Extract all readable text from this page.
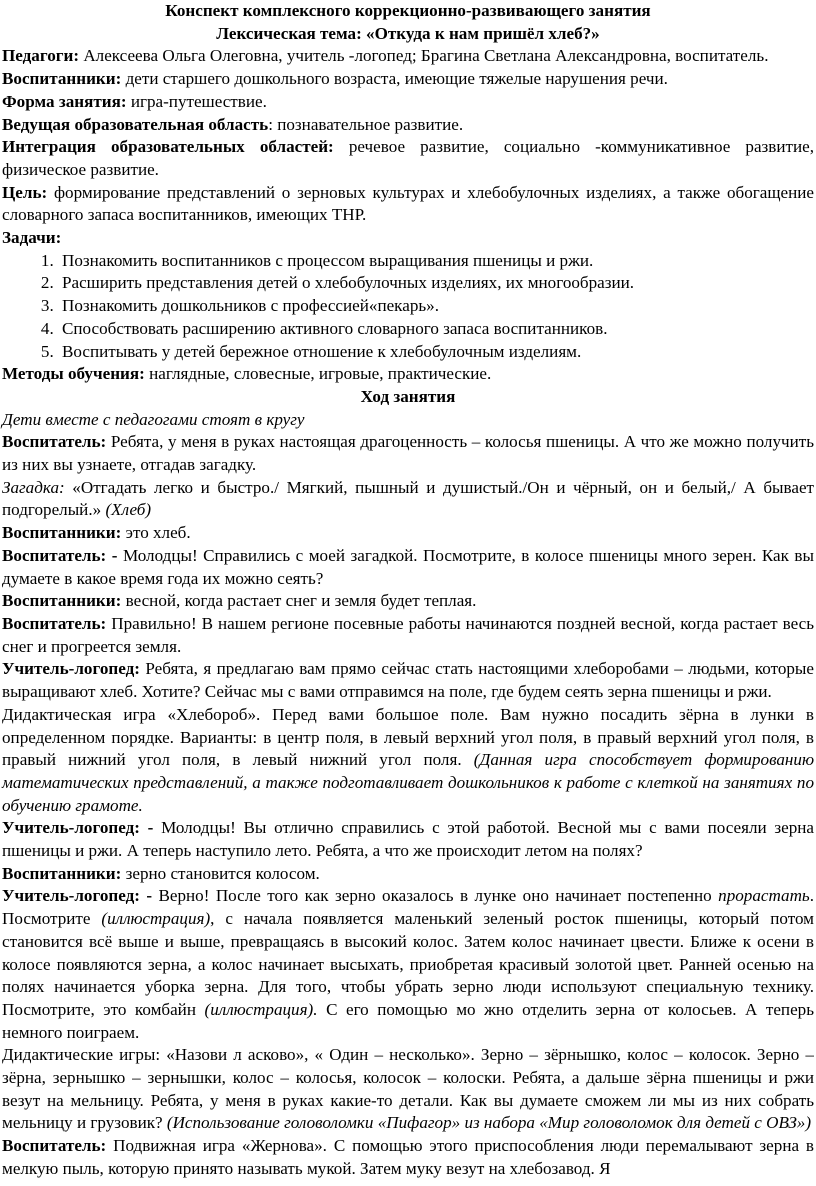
Конспект комплексного коррекционно-развивающего занятия

Лексическая тема: «Откуда к нам пришёл хлеб?»

Педагоги: Алексеева Ольга Олеговна, учитель -логопед; Брагина Светлана Александровна, воспитатель.

Воспитанники: дети старшего дошкольного возраста, имеющие тяжелые нарушения речи.

Форма занятия: игра-путешествие.

Ведущая образовательная область: познавательное развитие.

Интеграция образовательных областей: речевое развитие, социально -коммуникативное развитие, физическое развитие.

Цель: формирование представлений о зерновых культурах и хлебобулочных изделиях, а также обогащение словарного запаса воспитанников, имеющих ТНР.

Задачи:

1. Познакомить воспитанников с процессом выращивания пшеницы и ржи.
2. Расширить представления детей о хлебобулочных изделиях, их многообразии.
3. Познакомить дошкольников с профессией«пекарь».
4. Способствовать расширению активного словарного запаса воспитанников.
5. Воспитывать у детей бережное отношение к хлебобулочным изделиям.

Методы обучения: наглядные, словесные, игровые, практические.

Ход занятия

Дети вместе с педагогами стоят в кругу

Воспитатель: Ребята, у меня в руках настоящая драгоценность – колосья пшеницы. А что же можно получить из них вы узнаете, отгадав загадку.

Загадка: «Отгадать легко и быстро./ Мягкий, пышный и душистый./Он и чёрный, он и белый,/ А бывает подгорелый.» (Хлеб)

Воспитанники: это хлеб.

Воспитатель: - Молодцы! Справились с моей загадкой. Посмотрите, в колосе пшеницы много зерен. Как вы думаете в какое время года их можно сеять?

Воспитанники: весной, когда растает снег и земля будет теплая.

Воспитатель: Правильно! В нашем регионе посевные работы начинаются поздней весной, когда растает весь снег и прогреется земля.

Учитель-логопед: Ребята, я предлагаю вам прямо сейчас стать настоящими хлеборобами – людьми, которые выращивают хлеб. Хотите? Сейчас мы с вами отправимся на поле, где будем сеять зерна пшеницы и ржи.

Дидактическая игра «Хлебороб». Перед вами большое поле. Вам нужно посадить зёрна в лунки в определенном порядке. Варианты: в центр поля, в левый верхний угол поля, в правый верхний угол поля, в правый нижний угол поля, в левый нижний угол поля. (Данная игра способствует формированию математических представлений, а также подготавливает дошкольников к работе с клеткой на занятиях по обучению грамоте.

Учитель-логопед: - Молодцы! Вы отлично справились с этой работой. Весной мы с вами посеяли зерна пшеницы и ржи. А теперь наступило лето. Ребята, а что же происходит летом на полях?

Воспитанники: зерно становится колосом.

Учитель-логопед: - Верно! После того как зерно оказалось в лунке оно начинает постепенно прорастать. Посмотрите (иллюстрация), с начала появляется маленький зеленый росток пшеницы, который потом становится всё выше и выше, превращаясь в высокий колос. Затем колос начинает цвести. Ближе к осени в колосе появляются зерна, а колос начинает высыхать, приобретая красивый золотой цвет. Ранней осенью на полях начинается уборка зерна. Для того, чтобы убрать зерно люди используют специальную технику. Посмотрите, это комбайн (иллюстрация). С его помощью мо жно отделить зерна от колосьев. А теперь немного поиграем.

Дидактические игры: «Назови л асково», « Один – несколько». Зерно – зёрнышко, колос – колосок. Зерно – зёрна, зернышко – зернышки, колос – колосья, колосок – колоски. Ребята, а дальше зёрна пшеницы и ржи везут на мельницу. Ребята, у меня в руках какие-то детали. Как вы думаете сможем ли мы из них собрать мельницу и грузовик? (Использование головоломки «Пифагор» из набора «Мир головоломок для детей с ОВЗ»)

Воспитатель: Подвижная игра «Жернова». С помощью этого приспособления люди перемалывают зерна в мелкую пыль, которую принято называть мукой. Затем муку везут на хлебозавод. Я
